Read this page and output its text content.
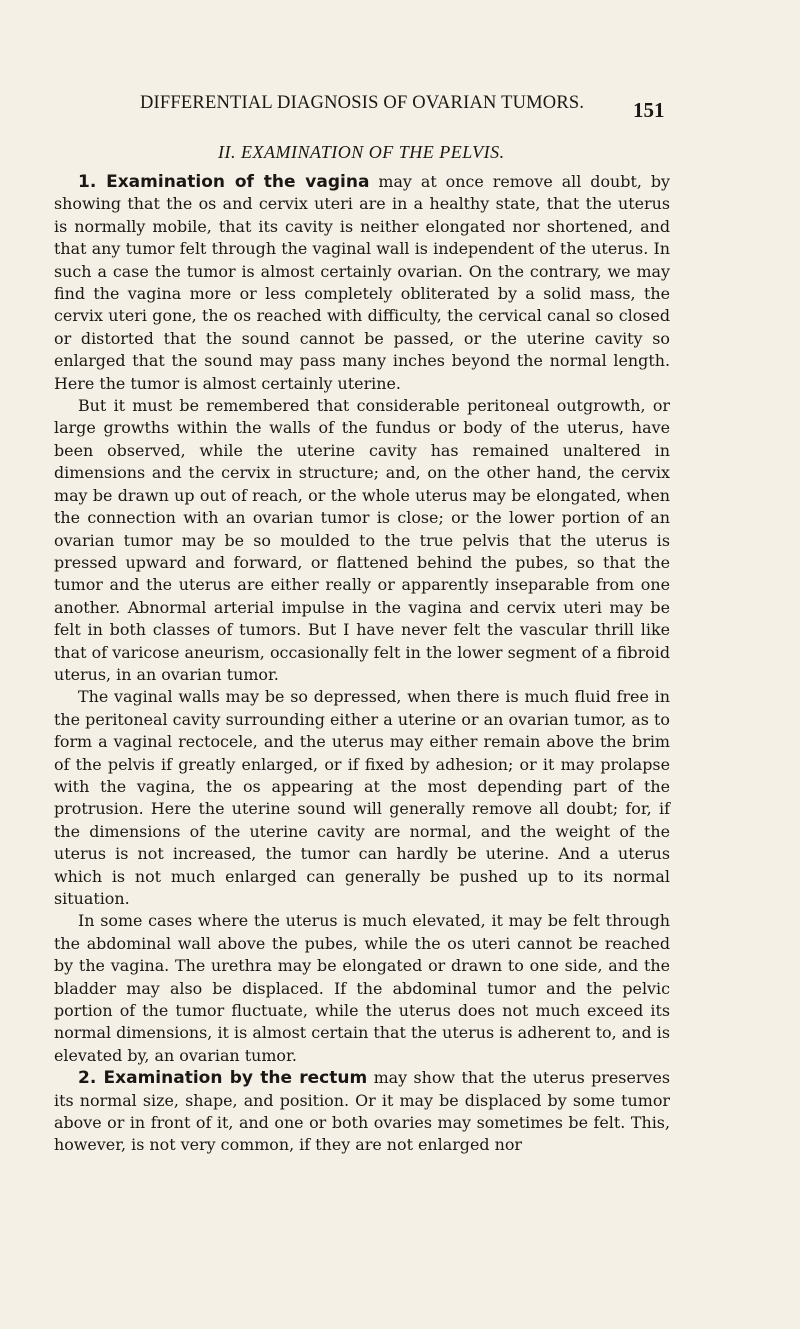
DIFFERENTIAL DIAGNOSIS OF OVARIAN TUMORS.	151
II. EXAMINATION OF THE PELVIS.

1. Examination of the vagina may at once remove all doubt, by showing that the os and cervix uteri are in a healthy state, that the uterus is normally mobile, that its cavity is neither elongated nor shortened, and that any tumor felt through the vaginal wall is independent of the uterus. In such a case the tumor is almost certainly ovarian. On the contrary, we may find the vagina more or less completely obliterated by a solid mass, the cervix uteri gone, the os reached with difficulty, the cervical canal so closed or distorted that the sound cannot be passed, or the uterine cavity so enlarged that the sound may pass many inches beyond the normal length. Here the tumor is almost certainly uterine.

But it must be remembered that considerable peritoneal outgrowth, or large growths within the walls of the fundus or body of the uterus, have been observed, while the uterine cavity has remained unaltered in dimensions and the cervix in structure; and, on the other hand, the cervix may be drawn up out of reach, or the whole uterus may be elongated, when the connection with an ovarian tumor is close; or the lower portion of an ovarian tumor may be so moulded to the true pelvis that the uterus is pressed upward and forward, or flattened behind the pubes, so that the tumor and the uterus are either really or apparently inseparable from one another. Abnormal arterial impulse in the vagina and cervix uteri may be felt in both classes of tumors. But I have never felt the vascular thrill like that of varicose aneurism, occasionally felt in the lower segment of a fibroid uterus, in an ovarian tumor.

The vaginal walls may be so depressed, when there is much fluid free in the peritoneal cavity surrounding either a uterine or an ovarian tumor, as to form a vaginal rectocele, and the uterus may either remain above the brim of the pelvis if greatly enlarged, or if fixed by adhesion; or it may prolapse with the vagina, the os appearing at the most depending part of the protrusion. Here the uterine sound will generally remove all doubt; for, if the dimensions of the uterine cavity are normal, and the weight of the uterus is not increased, the tumor can hardly be uterine. And a uterus which is not much enlarged can generally be pushed up to its normal situation.

In some cases where the uterus is much elevated, it may be felt through the abdominal wall above the pubes, while the os uteri cannot be reached by the vagina. The urethra may be elongated or drawn to one side, and the bladder may also be displaced. If the abdominal tumor and the pelvic portion of the tumor fluctuate, while the uterus does not much exceed its normal dimensions, it is almost certain that the uterus is adherent to, and is elevated by, an ovarian tumor.

2. Examination by the rectum may show that the uterus preserves its normal size, shape, and position. Or it may be displaced by some tumor above or in front of it, and one or both ovaries may sometimes be felt. This, however, is not very common, if they are not enlarged nor
